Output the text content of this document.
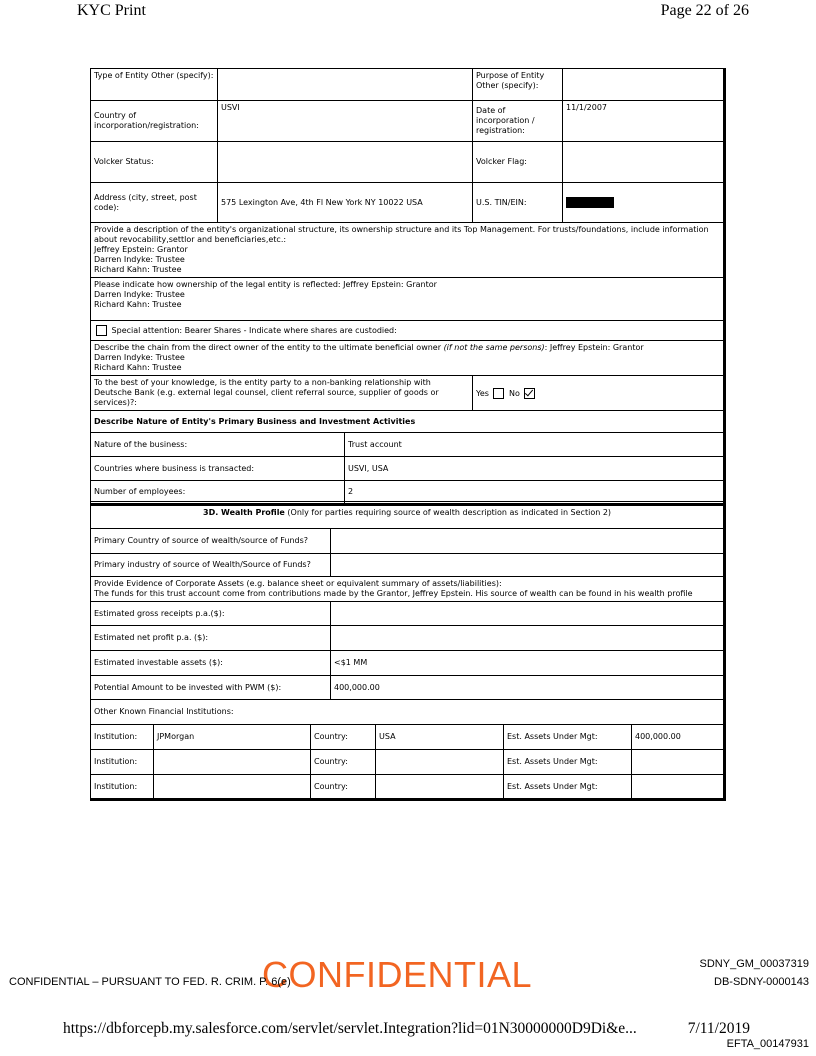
KYC Print	Page 22 of 26
Type of Entity Other (specify):			Purpose of Entity Other (specify):	
Country of incorporation/registration:	USVI		Date of incorporation / registration:	11/1/2007
Volcker Status:			Volcker Flag:	
Address (city, street, post code):	575 Lexington Ave, 4th Fl New York NY 10022 USA		U.S. TIN/EIN:	
Provide a description of the entity's organizational structure, its ownership structure and its Top Management. For trusts/foundations, include information about revocability,settlor and beneficiaries,etc.:
Jeffrey Epstein: Grantor
Darren Indyke: Trustee
Richard Kahn: Trustee				
Please indicate how ownership of the legal entity is reflected: Jeffrey Epstein: Grantor
Darren Indyke: Trustee
Richard Kahn: Trustee				
Special attention: Bearer Shares - Indicate where shares are custodied:				
Describe the chain from the direct owner of the entity to the ultimate beneficial owner (if not the same persons): Jeffrey Epstein: Grantor
Darren Indyke: Trustee
Richard Kahn: Trustee				
To the best of your knowledge, is the entity party to a non-banking relationship with Deutsche Bank (e.g. external legal counsel, client referral source, supplier of goods or services)?:			Yes No	
Describe Nature of Entity's Primary Business and Investment Activities				
Nature of the business:		Trust account		
Countries where business is transacted:		USVI, USA		
Number of employees:		2		
3D. Wealth Profile (Only for parties requiring source of wealth description as indicated in Section 2)						
Primary Country of source of wealth/source of Funds?						
Primary industry of source of Wealth/Source of Funds?						
Provide Evidence of Corporate Assets (e.g. balance sheet or equivalent summary of assets/liabilities):
The funds for this trust account come from contributions made by the Grantor, Jeffrey Epstein. His source of wealth can be found in his wealth profile						
Estimated gross receipts p.a.($):						
Estimated net profit p.a. ($):						
Estimated investable assets ($):			<$1 MM			
Potential Amount to be invested with PWM ($):			400,000.00			
Other Known Financial Institutions:						
Institution:	JPMorgan	Country:		USA	Est. Assets Under Mgt:	400,000.00
Institution:		Country:			Est. Assets Under Mgt:	
Institution:		Country:			Est. Assets Under Mgt:	
SDNY_GM_00037319
DB-SDNY-0000143
CONFIDENTIAL
CONFIDENTIAL – PURSUANT TO FED. R. CRIM. P. 6(e)
https://dbforcepb.my.salesforce.com/servlet/servlet.Integration?lid=01N30000000D9Di&e...	7/11/2019
EFTA_00147931
